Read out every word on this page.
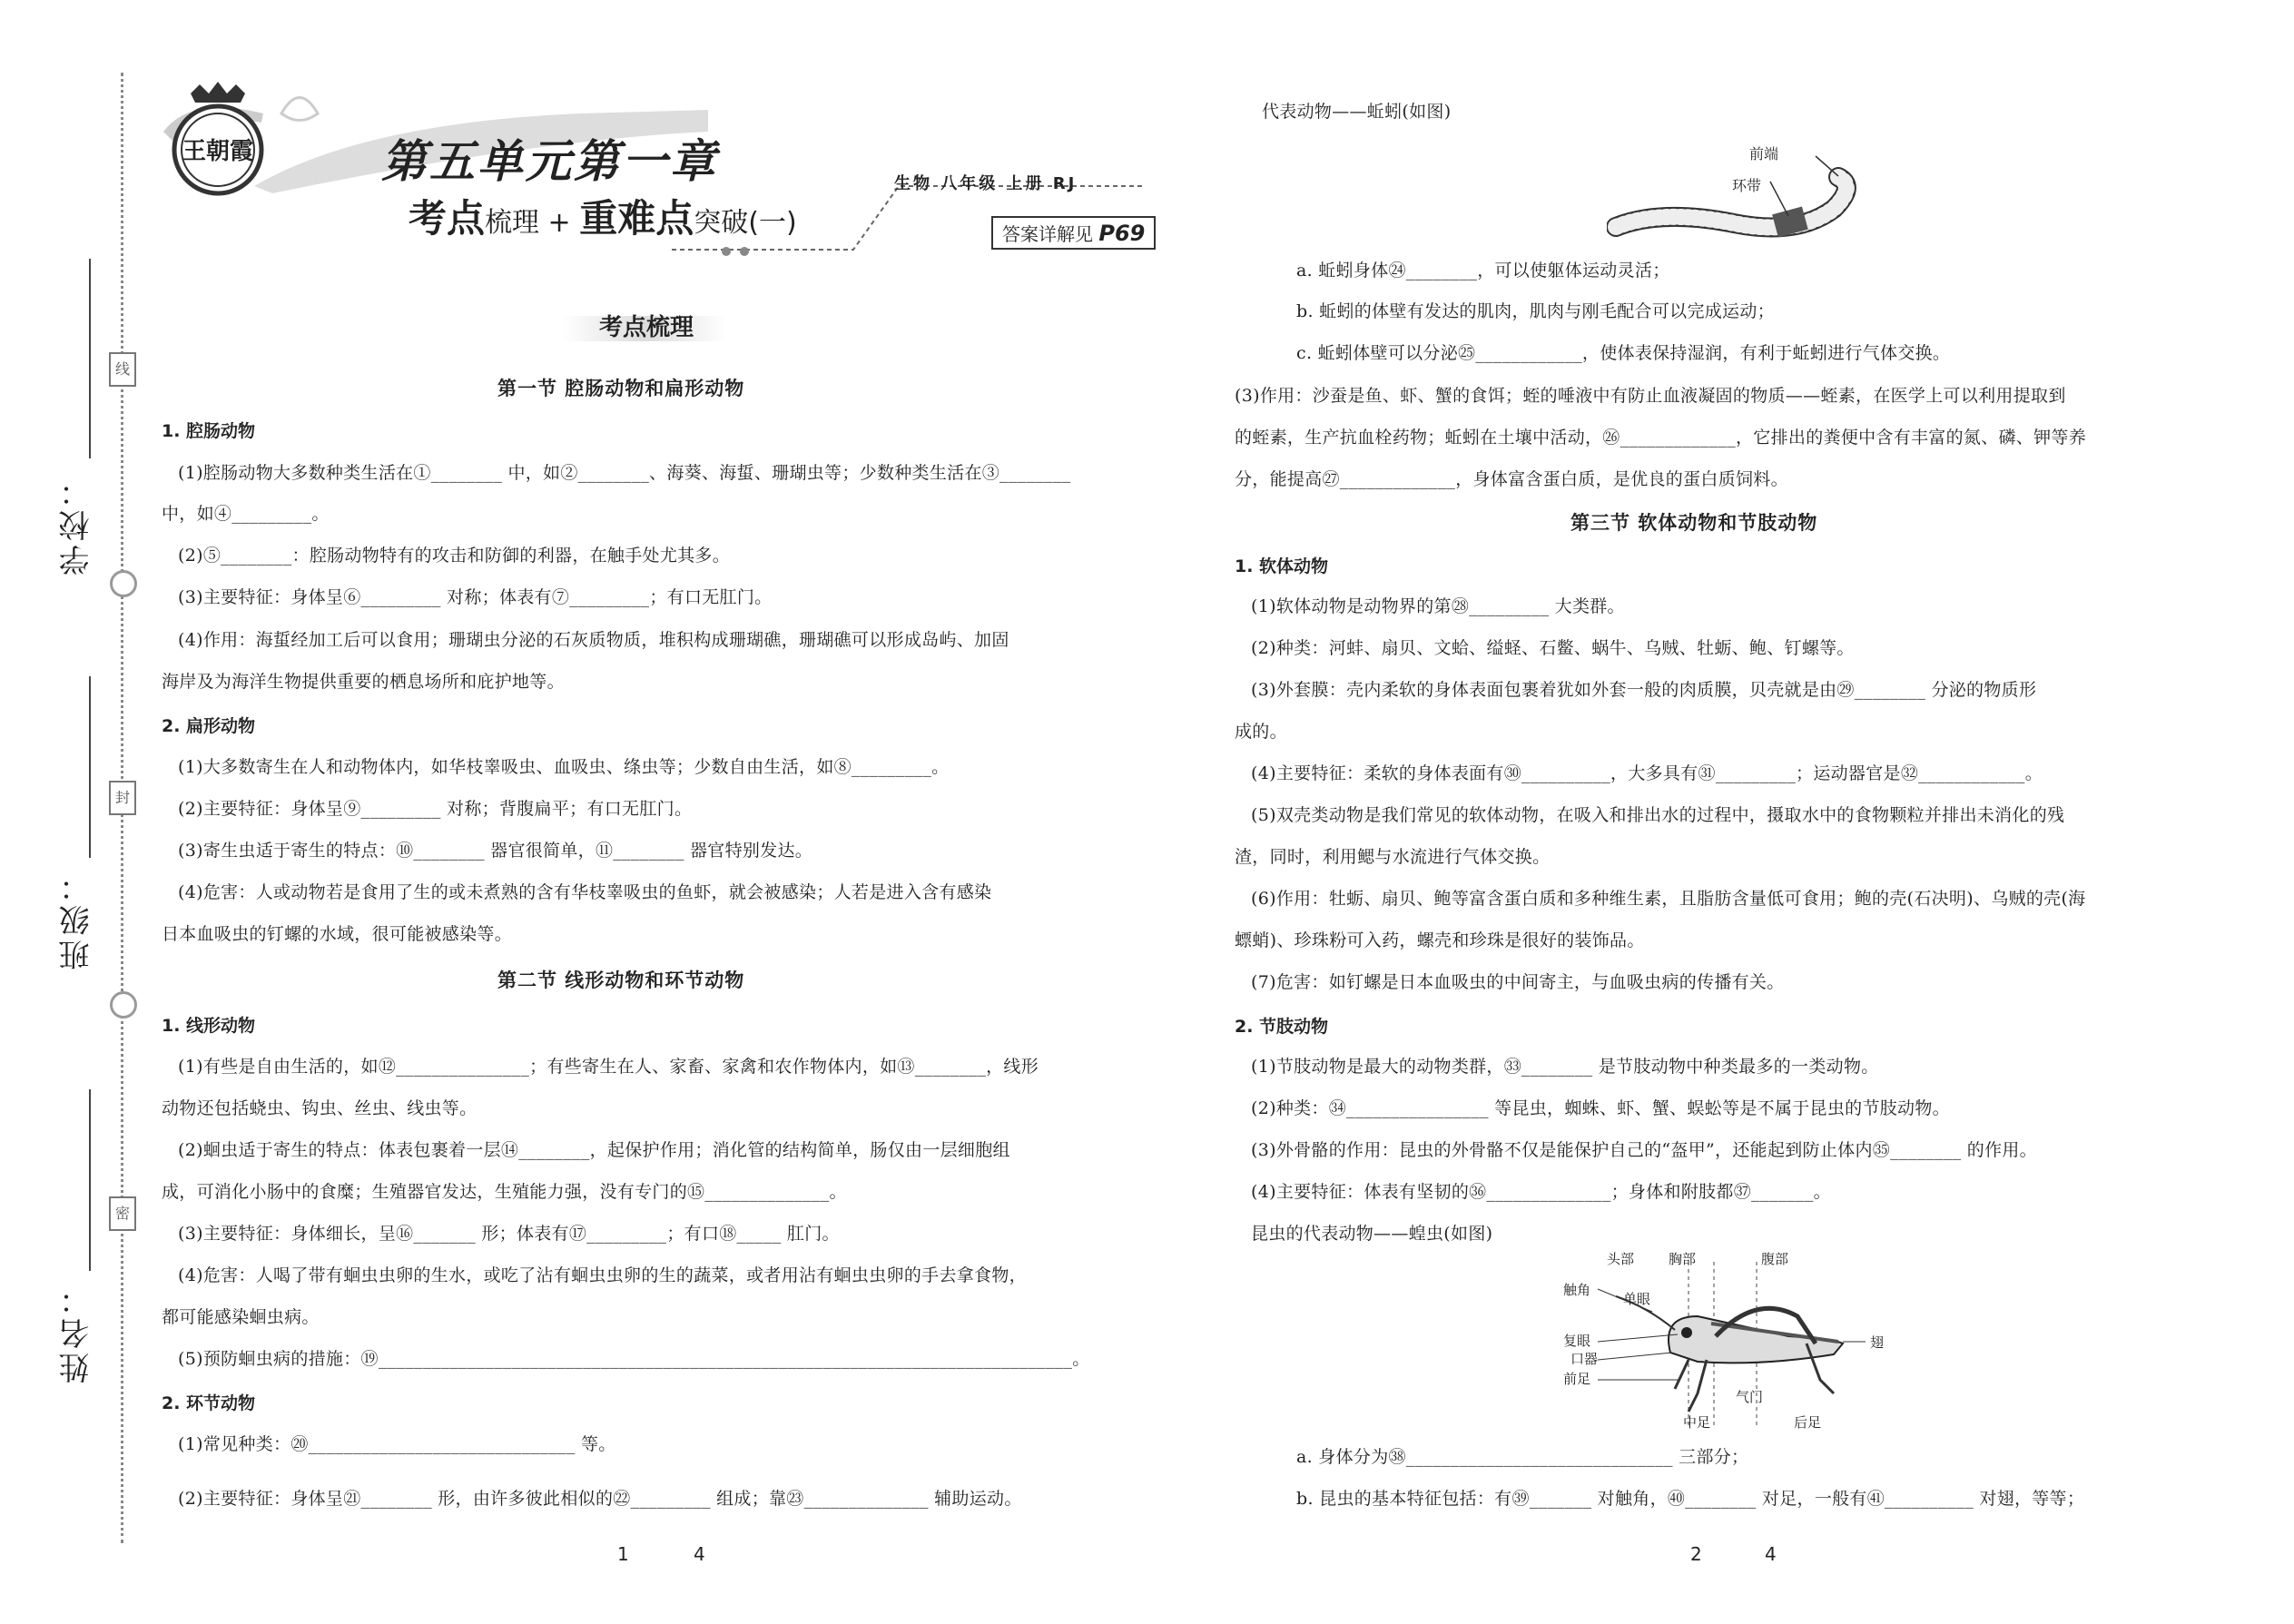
线
封
密
学校：
班级：
姓名：
王朝霞	第五单元第一章
考点梳理 + 重难点突破(一)
生物 八年级 上册 RJ
答案详解见 P69
考点梳理
第一节 腔肠动物和扁形动物
1. 腔肠动物
(1)腔肠动物大多数种类生活在①________ 中，如②________、海葵、海蜇、珊瑚虫等；少数种类生活在③________
中，如④_________。
(2)⑤________：腔肠动物特有的攻击和防御的利器，在触手处尤其多。
(3)主要特征：身体呈⑥_________ 对称；体表有⑦_________；有口无肛门。
(4)作用：海蜇经加工后可以食用；珊瑚虫分泌的石灰质物质，堆积构成珊瑚礁，珊瑚礁可以形成岛屿、加固
海岸及为海洋生物提供重要的栖息场所和庇护地等。
2. 扁形动物
(1)大多数寄生在人和动物体内，如华枝睾吸虫、血吸虫、绦虫等；少数自由生活，如⑧_________。
(2)主要特征：身体呈⑨_________ 对称；背腹扁平；有口无肛门。
(3)寄生虫适于寄生的特点：⑩________ 器官很简单，⑪________ 器官特别发达。
(4)危害：人或动物若是食用了生的或未煮熟的含有华枝睾吸虫的鱼虾，就会被感染；人若是进入含有感染
日本血吸虫的钉螺的水域，很可能被感染等。
第二节 线形动物和环节动物
1. 线形动物
(1)有些是自由生活的，如⑫_______________；有些寄生在人、家畜、家禽和农作物体内，如⑬________，线形
动物还包括蛲虫、钩虫、丝虫、线虫等。
(2)蛔虫适于寄生的特点：体表包裹着一层⑭________，起保护作用；消化管的结构简单，肠仅由一层细胞组
成，可消化小肠中的食糜；生殖器官发达，生殖能力强，没有专门的⑮______________。
(3)主要特征：身体细长，呈⑯_______ 形；体表有⑰_________；有口⑱_____ 肛门。
(4)危害：人喝了带有蛔虫虫卵的生水，或吃了沾有蛔虫虫卵的生的蔬菜，或者用沾有蛔虫虫卵的手去拿食物，
都可能感染蛔虫病。
(5)预防蛔虫病的措施：⑲______________________________________________________________________________。
2. 环节动物
(1)常见种类：⑳______________________________ 等。
(2)主要特征：身体呈㉑________ 形，由许多彼此相似的㉒_________ 组成；靠㉓______________ 辅助运动。
1	4
代表动物——蚯蚓(如图)
前端
环带
a. 蚯蚓身体㉔________，可以使躯体运动灵活；
b. 蚯蚓的体壁有发达的肌肉，肌肉与刚毛配合可以完成运动；
c. 蚯蚓体壁可以分泌㉕____________，使体表保持湿润，有利于蚯蚓进行气体交换。
(3)作用：沙蚕是鱼、虾、蟹的食饵；蛭的唾液中有防止血液凝固的物质——蛭素，在医学上可以利用提取到
的蛭素，生产抗血栓药物；蚯蚓在土壤中活动，㉖_____________，它排出的粪便中含有丰富的氮、磷、钾等养
分，能提高㉗_____________，身体富含蛋白质，是优良的蛋白质饲料。
第三节 软体动物和节肢动物
1. 软体动物
(1)软体动物是动物界的第㉘_________ 大类群。
(2)种类：河蚌、扇贝、文蛤、缢蛏、石鳖、蜗牛、乌贼、牡蛎、鲍、钉螺等。
(3)外套膜：壳内柔软的身体表面包裹着犹如外套一般的肉质膜，贝壳就是由㉙________ 分泌的物质形
成的。
(4)主要特征：柔软的身体表面有㉚__________，大多具有㉛_________；运动器官是㉜____________。
(5)双壳类动物是我们常见的软体动物，在吸入和排出水的过程中，摄取水中的食物颗粒并排出未消化的残
渣，同时，利用鳃与水流进行气体交换。
(6)作用：牡蛎、扇贝、鲍等富含蛋白质和多种维生素，且脂肪含量低可食用；鲍的壳(石决明)、乌贼的壳(海
螵蛸)、珍珠粉可入药，螺壳和珍珠是很好的装饰品。
(7)危害：如钉螺是日本血吸虫的中间寄主，与血吸虫病的传播有关。
2. 节肢动物
(1)节肢动物是最大的动物类群，㉝________ 是节肢动物中种类最多的一类动物。
(2)种类：㉞________________ 等昆虫，蜘蛛、虾、蟹、蜈蚣等是不属于昆虫的节肢动物。
(3)外骨骼的作用：昆虫的外骨骼不仅是能保护自己的“盔甲”，还能起到防止体内㉟________ 的作用。
(4)主要特征：体表有坚韧的㊱______________；身体和附肢都㊲_______。
昆虫的代表动物——蝗虫(如图)
头部	胸部	腹部
触角
单眼
复眼
口器
前足
中足
气门
后足
翅
a. 身体分为㊳______________________________ 三部分；
b. 昆虫的基本特征包括：有㊴_______ 对触角，㊵________ 对足，一般有㊶__________ 对翅，等等；
2	4
